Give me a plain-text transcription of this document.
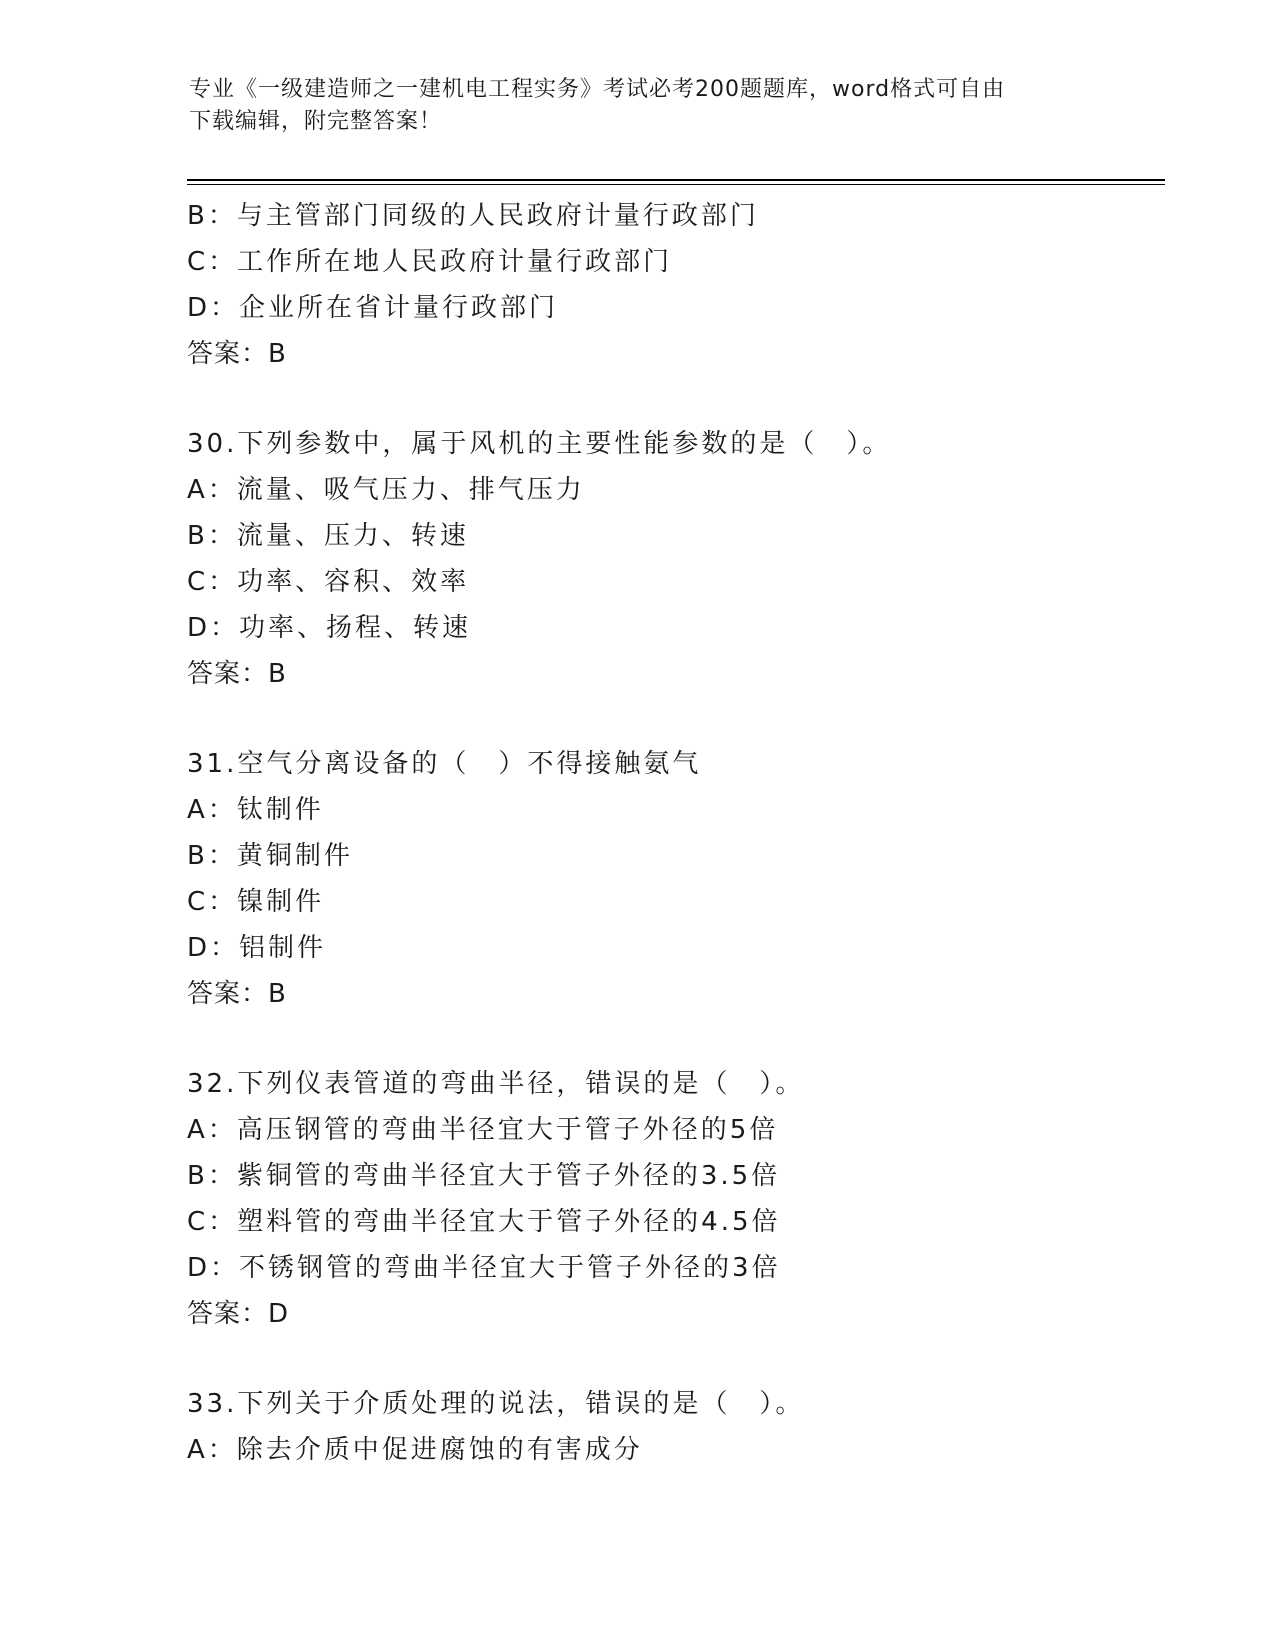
专业《一级建造师之一建机电工程实务》考试必考200题题库，word格式可自由
下载编辑，附完整答案！
B：与主管部门同级的人民政府计量行政部门
C：工作所在地人民政府计量行政部门
D：企业所在省计量行政部门
答案：B
30.下列参数中，属于风机的主要性能参数的是（　）。
A：流量、吸气压力、排气压力
B：流量、压力、转速
C：功率、容积、效率
D：功率、扬程、转速
答案：B
31.空气分离设备的（　）不得接触氨气
A：钛制件
B：黄铜制件
C：镍制件
D：铝制件
答案：B
32.下列仪表管道的弯曲半径，错误的是（　）。
A：高压钢管的弯曲半径宜大于管子外径的5倍
B：紫铜管的弯曲半径宜大于管子外径的3.5倍
C：塑料管的弯曲半径宜大于管子外径的4.5倍
D：不锈钢管的弯曲半径宜大于管子外径的3倍
答案：D
33.下列关于介质处理的说法，错误的是（　）。
A：除去介质中促进腐蚀的有害成分
